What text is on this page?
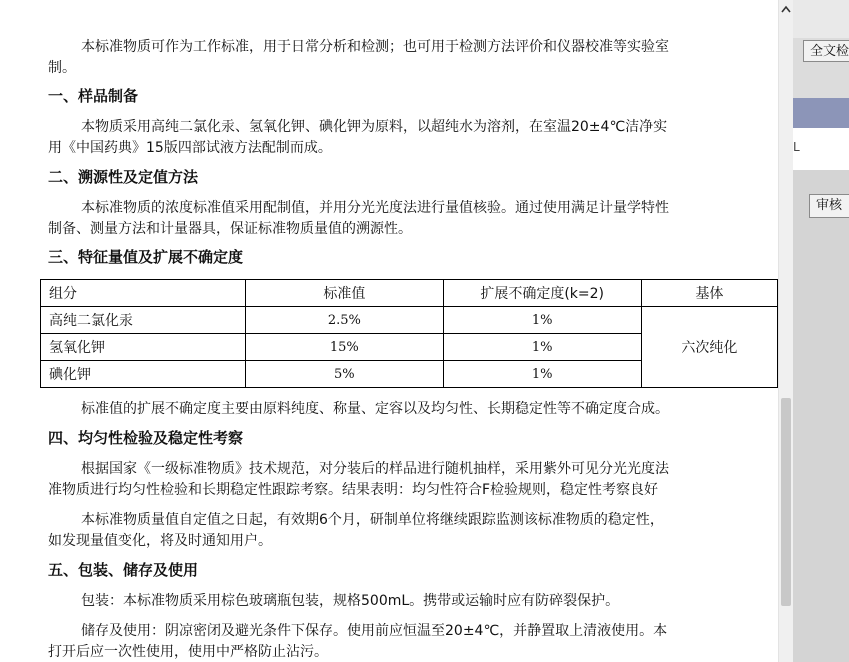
本标准物质可作为工作标准，用于日常分析和检测；也可用于检测方法评价和仪器校准等实验室

制。

一、样品制备

本物质采用高纯二氯化汞、氢氧化钾、碘化钾为原料，以超纯水为溶剂，在室温20±4℃洁净实

用《中国药典》15版四部试液方法配制而成。

二、溯源性及定值方法

本标准物质的浓度标准值采用配制值，并用分光光度法进行量值核验。通过使用满足计量学特性

制备、测量方法和计量器具，保证标准物质量值的溯源性。

三、特征量值及扩展不确定度
组分	标准值	扩展不确定度(k=2)	基体
高纯二氯化汞	2.5%	1%	六次纯化
氢氧化钾	15%	1%	
碘化钾	5%	1%	

标准值的扩展不确定度主要由原料纯度、称量、定容以及均匀性、长期稳定性等不确定度合成。

四、均匀性检验及稳定性考察

根据国家《一级标准物质》技术规范，对分装后的样品进行随机抽样，采用紫外可见分光光度法

准物质进行均匀性检验和长期稳定性跟踪考察。结果表明：均匀性符合F检验规则，稳定性考察良好

本标准物质量值自定值之日起，有效期6个月，研制单位将继续跟踪监测该标准物质的稳定性，

如发现量值变化，将及时通知用户。

五、包装、储存及使用

包装：本标准物质采用棕色玻璃瓶包装，规格500mL。携带或运输时应有防碎裂保护。

储存及使用：阴凉密闭及避光条件下保存。使用前应恒温至20±4℃，并静置取上清液使用。本

打开后应一次性使用，使用中严格防止沾污。

全文检
L
审核
